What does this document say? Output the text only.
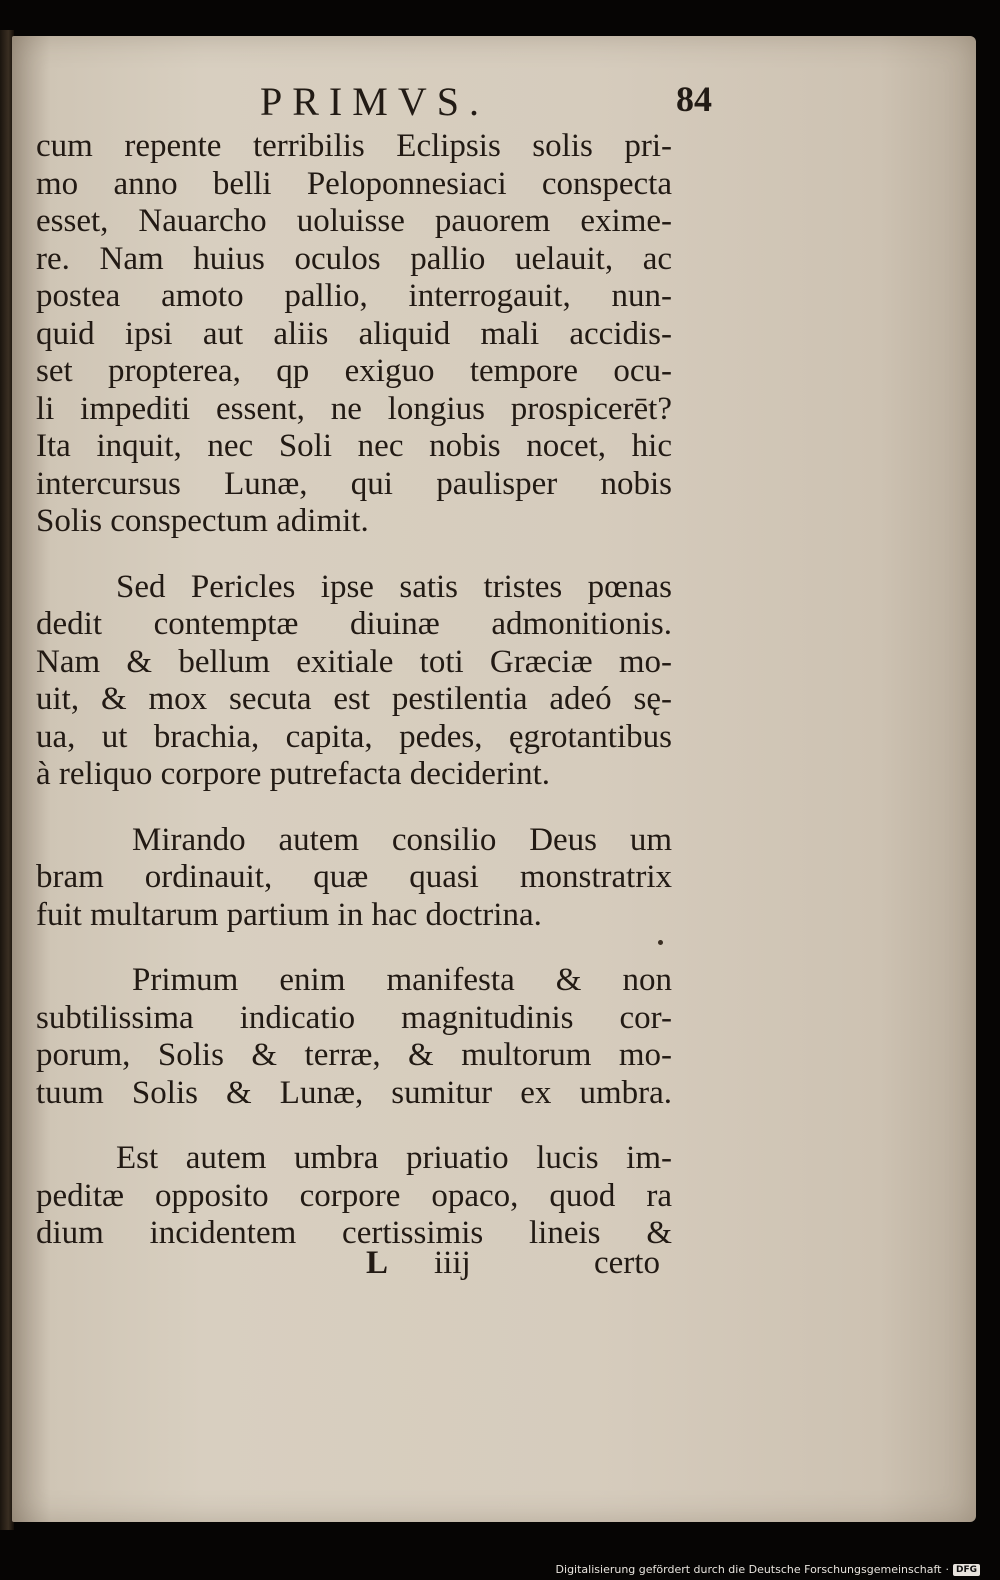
PRIMVS.	84
cum repente terribilis Eclipsis solis pri-
mo anno belli Peloponnesiaci conspecta
esset, Nauarcho uoluisse pauorem exime-
re. Nam huius oculos pallio uelauit, ac
postea amoto pallio, interrogauit, nun-
quid ipsi aut aliis aliquid mali accidis-
set propterea, qp exiguo tempore ocu-
li impediti essent, ne longius prospicerēt?
Ita inquit, nec Soli nec nobis nocet, hic
intercursus Lunæ, qui paulisper nobis
Solis conspectum adimit.
Sed Pericles ipse satis tristes pœnas
dedit contemptæ diuinæ admonitionis.
Nam & bellum exitiale toti Græciæ mo-
uit, & mox secuta est pestilentia adeó sę-
ua, ut brachia, capita, pedes, ęgrotantibus
à reliquo corpore putrefacta deciderint.
Mirando autem consilio Deus um
bram ordinauit, quæ quasi monstratrix
fuit multarum partium in hac doctrina.
Primum enim manifesta & non
subtilissima indicatio magnitudinis cor-
porum, Solis & terræ, & multorum mo-
tuum Solis & Lunæ, sumitur ex umbra.
Est autem umbra priuatio lucis im-
peditæ opposito corpore opaco, quod ra
dium incidentem certissimis lineis &
L iiij	certo
Digitalisierung gefördert durch die Deutsche Forschungsgemeinschaft · DFG
